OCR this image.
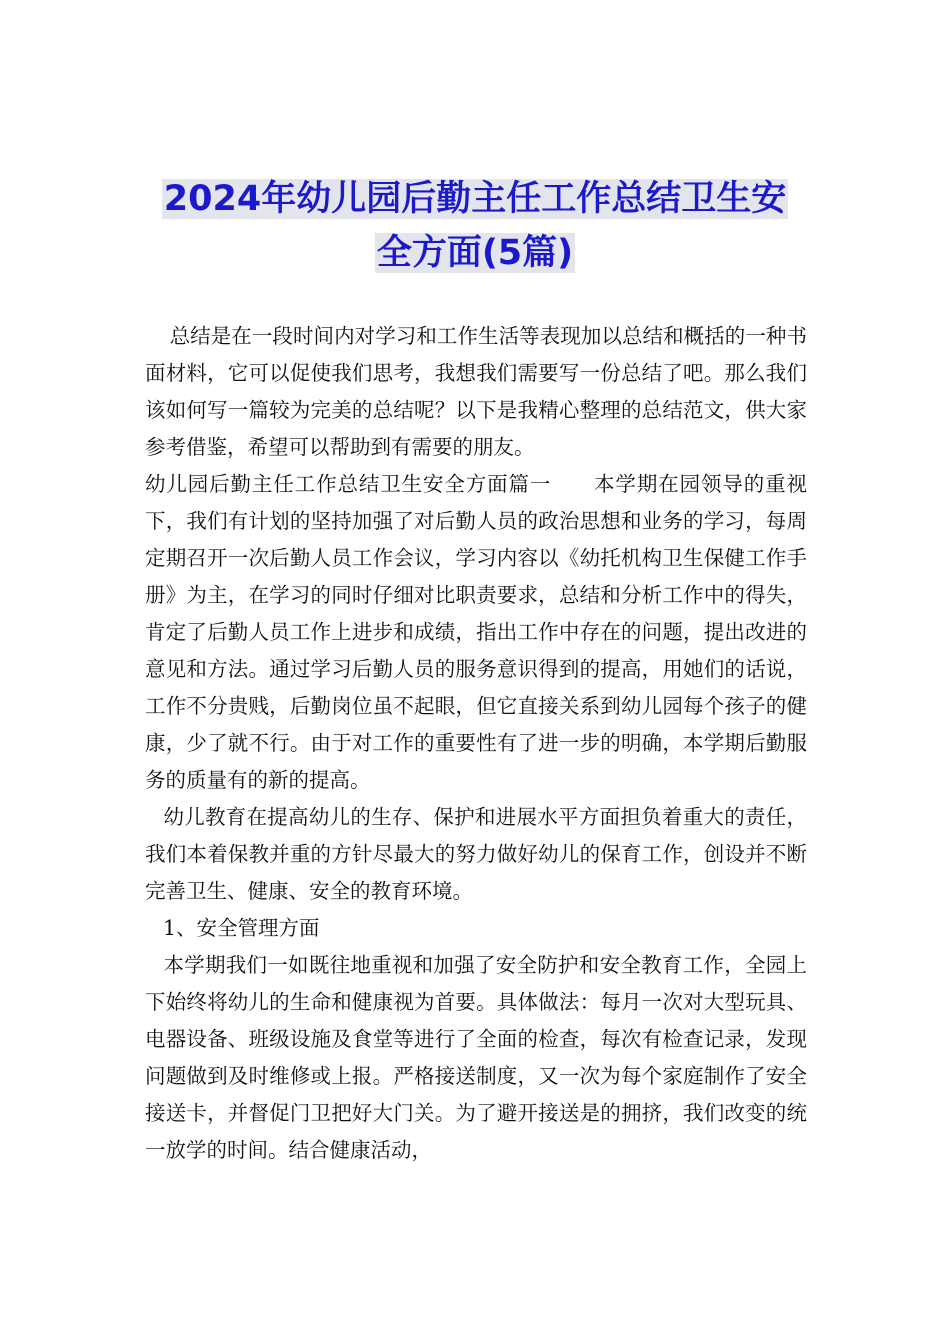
2024年幼儿园后勤主任工作总结卫生安
全方面(5篇)

总结是在一段时间内对学习和工作生活等表现加以总结和概括的一种书面材料，它可以促使我们思考，我想我们需要写一份总结了吧。那么我们该如何写一篇较为完美的总结呢？以下是我精心整理的总结范文，供大家参考借鉴，希望可以帮助到有需要的朋友。

幼儿园后勤主任工作总结卫生安全方面篇一　　本学期在园领导的重视下，我们有计划的坚持加强了对后勤人员的政治思想和业务的学习，每周定期召开一次后勤人员工作会议，学习内容以《幼托机构卫生保健工作手册》为主，在学习的同时仔细对比职责要求，总结和分析工作中的得失，肯定了后勤人员工作上进步和成绩，指出工作中存在的问题，提出改进的意见和方法。通过学习后勤人员的服务意识得到的提高，用她们的话说，工作不分贵贱，后勤岗位虽不起眼，但它直接关系到幼儿园每个孩子的健康，少了就不行。由于对工作的重要性有了进一步的明确，本学期后勤服务的质量有的新的提高。

幼儿教育在提高幼儿的生存、保护和进展水平方面担负着重大的责任，我们本着保教并重的方针尽最大的努力做好幼儿的保育工作，创设并不断完善卫生、健康、安全的教育环境。

1、安全管理方面

本学期我们一如既往地重视和加强了安全防护和安全教育工作，全园上下始终将幼儿的生命和健康视为首要。具体做法：每月一次对大型玩具、电器设备、班级设施及食堂等进行了全面的检查，每次有检查记录，发现问题做到及时维修或上报。严格接送制度，又一次为每个家庭制作了安全接送卡，并督促门卫把好大门关。为了避开接送是的拥挤，我们改变的统一放学的时间。结合健康活动，
